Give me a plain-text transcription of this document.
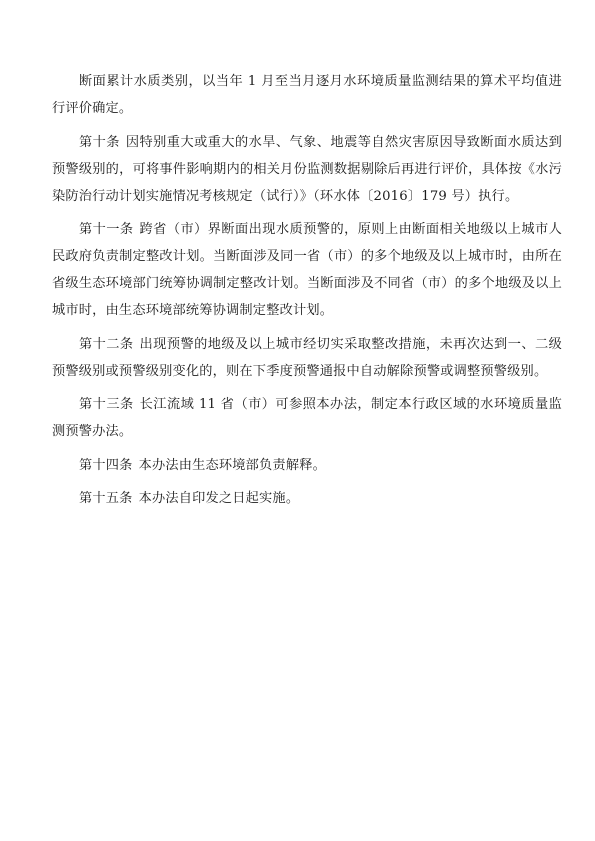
断面累计水质类别，以当年 1 月至当月逐月水环境质量监测结果的算术平均值进行评价确定。

第十条 因特别重大或重大的水旱、气象、地震等自然灾害原因导致断面水质达到预警级别的，可将事件影响期内的相关月份监测数据剔除后再进行评价，具体按《水污染防治行动计划实施情况考核规定（试行）》（环水体〔2016〕179 号）执行。

第十一条 跨省（市）界断面出现水质预警的，原则上由断面相关地级以上城市人民政府负责制定整改计划。当断面涉及同一省（市）的多个地级及以上城市时，由所在省级生态环境部门统筹协调制定整改计划。当断面涉及不同省（市）的多个地级及以上城市时，由生态环境部统筹协调制定整改计划。

第十二条 出现预警的地级及以上城市经切实采取整改措施，未再次达到一、二级预警级别或预警级别变化的，则在下季度预警通报中自动解除预警或调整预警级别。

第十三条 长江流域 11 省（市）可参照本办法，制定本行政区域的水环境质量监测预警办法。

第十四条 本办法由生态环境部负责解释。

第十五条 本办法自印发之日起实施。
